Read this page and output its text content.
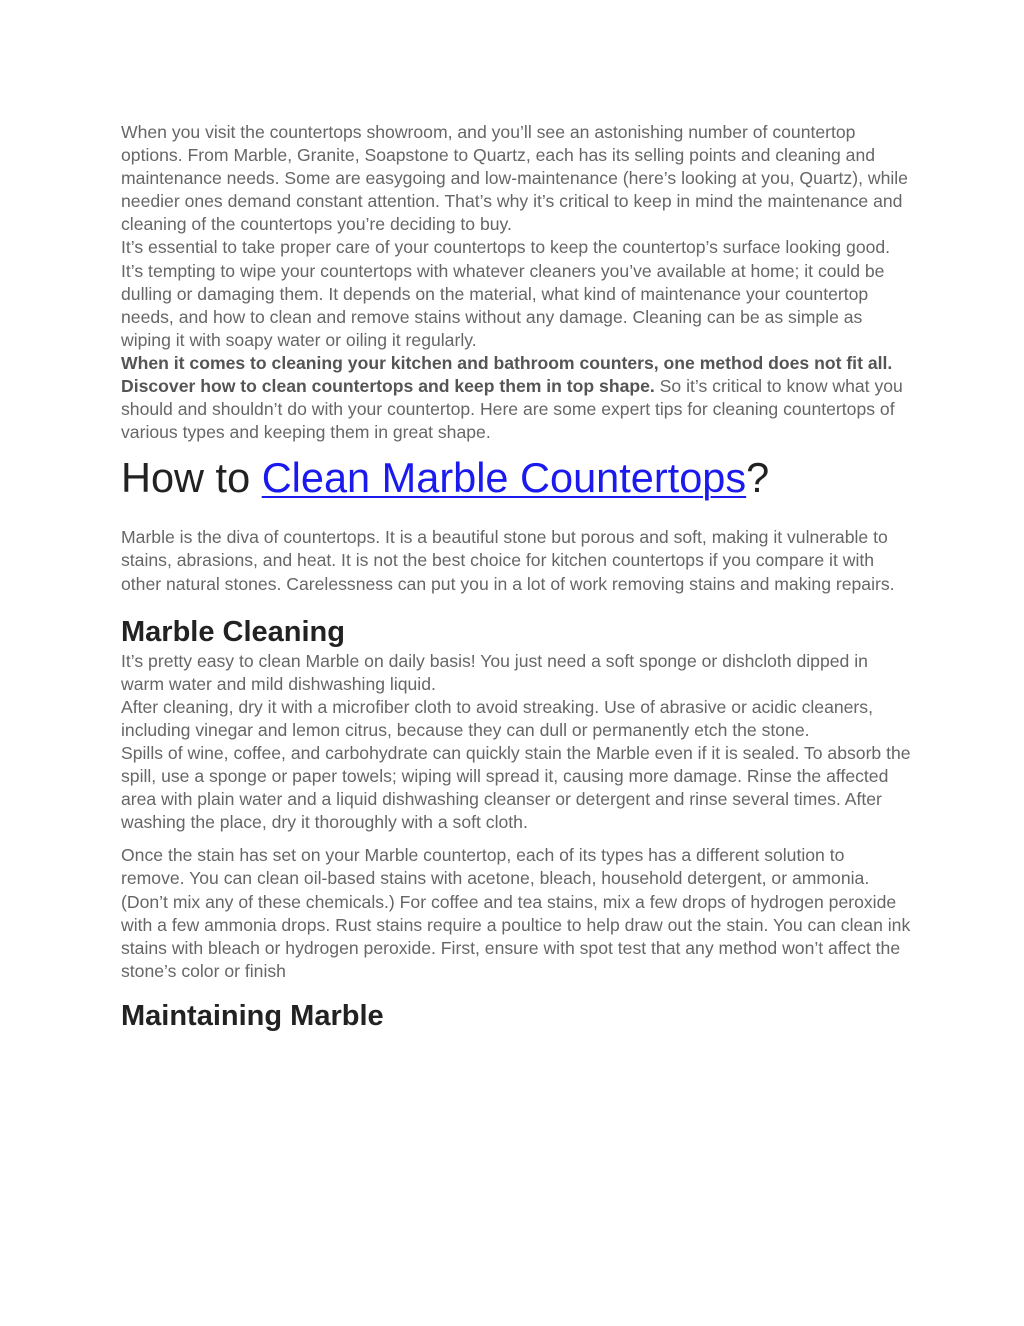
When you visit the countertops showroom, and you’ll see an astonishing number of countertop options. From Marble, Granite, Soapstone to Quartz, each has its selling points and cleaning and maintenance needs. Some are easygoing and low-maintenance (here’s looking at you, Quartz), while needier ones demand constant attention. That’s why it’s critical to keep in mind the maintenance and cleaning of the countertops you’re deciding to buy.

It’s essential to take proper care of your countertops to keep the countertop’s surface looking good. It’s tempting to wipe your countertops with whatever cleaners you’ve available at home; it could be dulling or damaging them. It depends on the material, what kind of maintenance your countertop needs, and how to clean and remove stains without any damage. Cleaning can be as simple as wiping it with soapy water or oiling it regularly.

When it comes to cleaning your kitchen and bathroom counters, one method does not fit all. Discover how to clean countertops and keep them in top shape. So it’s critical to know what you should and shouldn’t do with your countertop. Here are some expert tips for cleaning countertops of various types and keeping them in great shape.

How to Clean Marble Countertops?

Marble is the diva of countertops. It is a beautiful stone but porous and soft, making it vulnerable to stains, abrasions, and heat. It is not the best choice for kitchen countertops if you compare it with other natural stones. Carelessness can put you in a lot of work removing stains and making repairs.

Marble Cleaning

It’s pretty easy to clean Marble on daily basis! You just need a soft sponge or dishcloth dipped in warm water and mild dishwashing liquid.

After cleaning, dry it with a microfiber cloth to avoid streaking. Use of abrasive or acidic cleaners, including vinegar and lemon citrus, because they can dull or permanently etch the stone.

Spills of wine, coffee, and carbohydrate can quickly stain the Marble even if it is sealed. To absorb the spill, use a sponge or paper towels; wiping will spread it, causing more damage. Rinse the affected area with plain water and a liquid dishwashing cleanser or detergent and rinse several times. After washing the place, dry it thoroughly with a soft cloth.

Once the stain has set on your Marble countertop, each of its types has a different solution to remove. You can clean oil-based stains with acetone, bleach, household detergent, or ammonia. (Don’t mix any of these chemicals.) For coffee and tea stains, mix a few drops of hydrogen peroxide with a few ammonia drops. Rust stains require a poultice to help draw out the stain. You can clean ink stains with bleach or hydrogen peroxide. First, ensure with spot test that any method won’t affect the stone’s color or finish

Maintaining Marble
